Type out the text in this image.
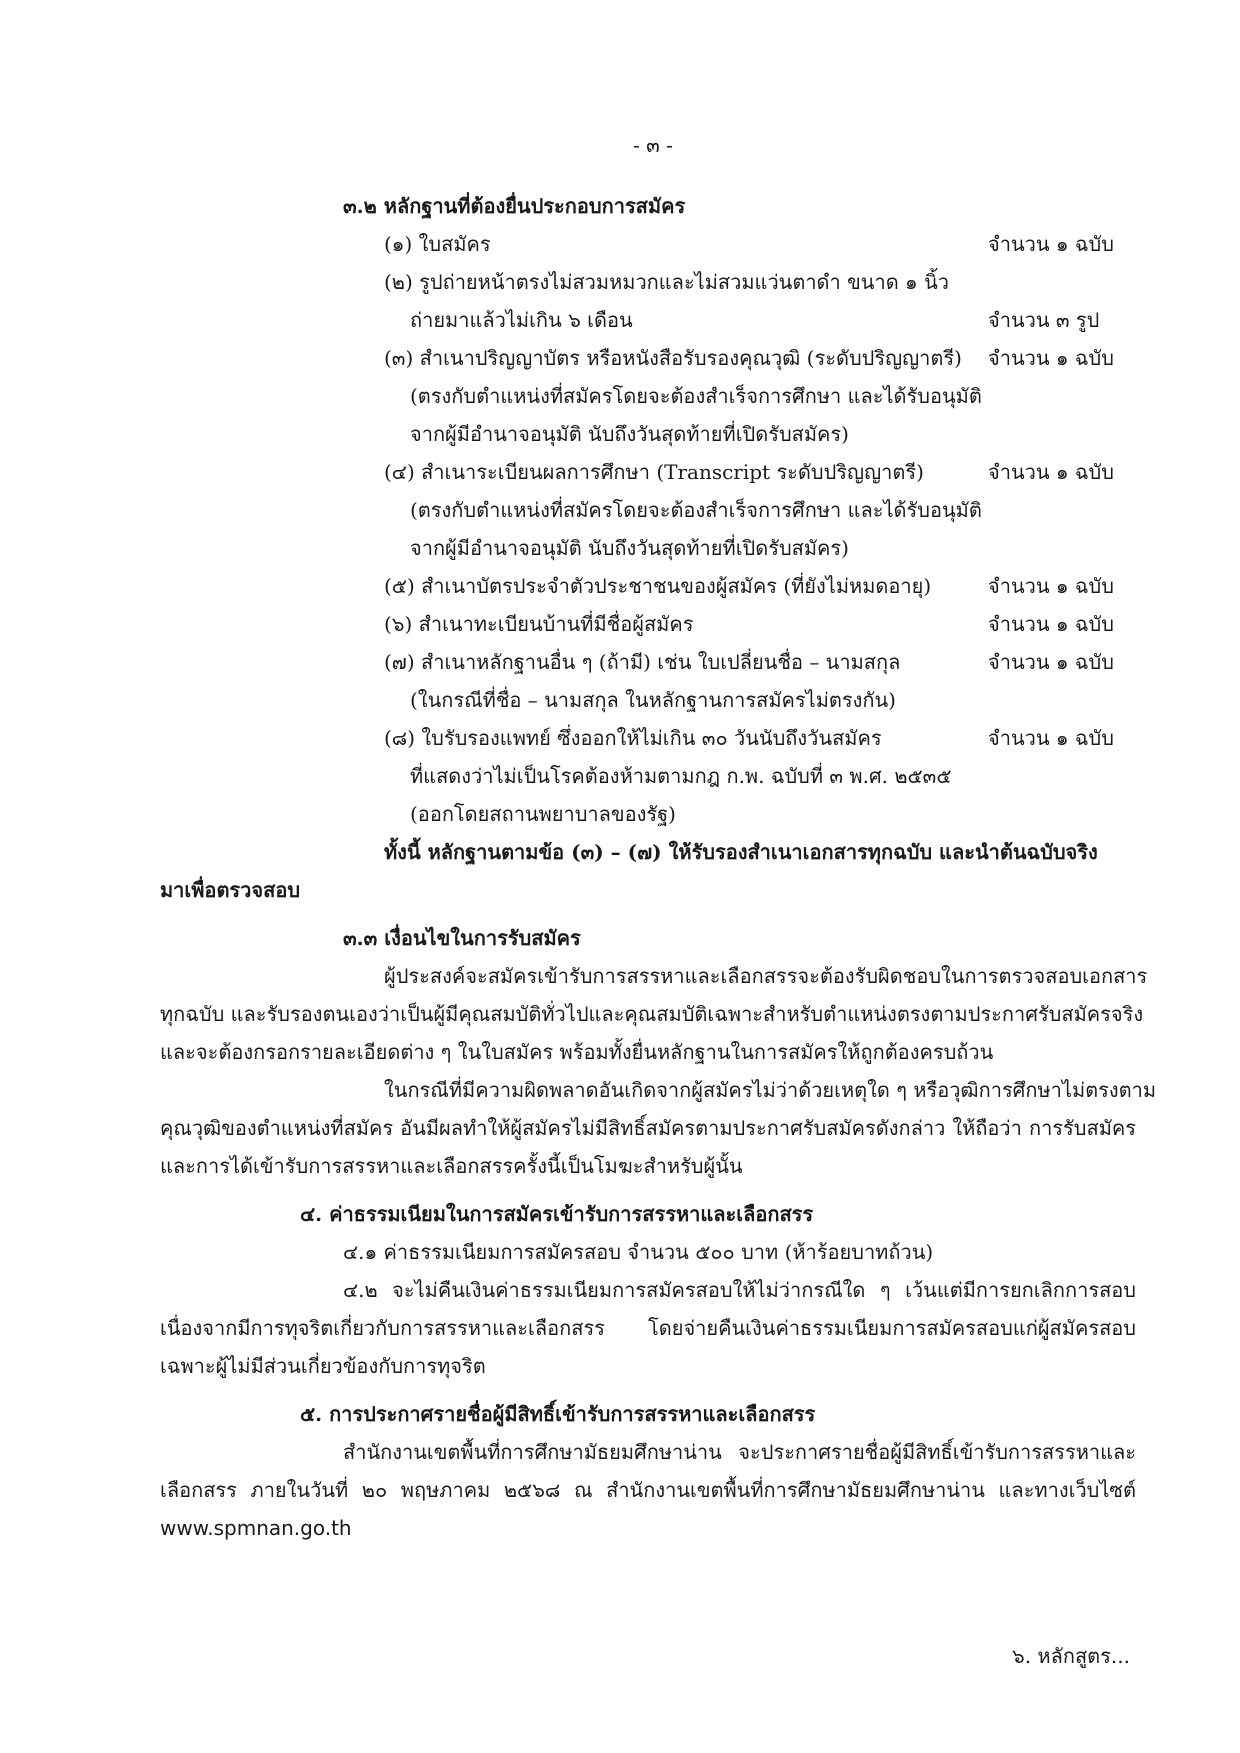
- ๓ -
๓.๒ หลักฐานที่ต้องยื่นประกอบการสมัคร
(๑) ใบสมัคร	จำนวน ๑ ฉบับ
(๒) รูปถ่ายหน้าตรงไม่สวมหมวกและไม่สวมแว่นตาดำ ขนาด ๑ นิ้ว
ถ่ายมาแล้วไม่เกิน ๖ เดือน	จำนวน ๓ รูป
(๓) สำเนาปริญญาบัตร หรือหนังสือรับรองคุณวุฒิ (ระดับปริญญาตรี) จำนวน ๑ ฉบับ
(ตรงกับตำแหน่งที่สมัครโดยจะต้องสำเร็จการศึกษา และได้รับอนุมัติ
จากผู้มีอำนาจอนุมัติ นับถึงวันสุดท้ายที่เปิดรับสมัคร)
(๔) สำเนาระเบียนผลการศึกษา (Transcript ระดับปริญญาตรี)	จำนวน ๑ ฉบับ
(ตรงกับตำแหน่งที่สมัครโดยจะต้องสำเร็จการศึกษา และได้รับอนุมัติ
จากผู้มีอำนาจอนุมัติ นับถึงวันสุดท้ายที่เปิดรับสมัคร)
(๕) สำเนาบัตรประจำตัวประชาชนของผู้สมัคร (ที่ยังไม่หมดอายุ)	จำนวน ๑ ฉบับ
(๖) สำเนาทะเบียนบ้านที่มีชื่อผู้สมัคร	จำนวน ๑ ฉบับ
(๗) สำเนาหลักฐานอื่น ๆ (ถ้ามี) เช่น ใบเปลี่ยนชื่อ – นามสกุล	จำนวน ๑ ฉบับ
(ในกรณีที่ชื่อ – นามสกุล ในหลักฐานการสมัครไม่ตรงกัน)
(๘) ใบรับรองแพทย์ ซึ่งออกให้ไม่เกิน ๓๐ วันนับถึงวันสมัคร	จำนวน ๑ ฉบับ
ที่แสดงว่าไม่เป็นโรคต้องห้ามตามกฎ ก.พ. ฉบับที่ ๓ พ.ศ. ๒๕๓๕
(ออกโดยสถานพยาบาลของรัฐ)
ทั้งนี้ หลักฐานตามข้อ (๓) – (๗) ให้รับรองสำเนาเอกสารทุกฉบับ และนำต้นฉบับจริง
มาเพื่อตรวจสอบ
๓.๓ เงื่อนไขในการรับสมัคร
ผู้ประสงค์จะสมัครเข้ารับการสรรหาและเลือกสรรจะต้องรับผิดชอบในการตรวจสอบเอกสาร
ทุกฉบับ และรับรองตนเองว่าเป็นผู้มีคุณสมบัติทั่วไปและคุณสมบัติเฉพาะสำหรับตำแหน่งตรงตามประกาศรับสมัครจริง
และจะต้องกรอกรายละเอียดต่าง ๆ ในใบสมัคร พร้อมทั้งยื่นหลักฐานในการสมัครให้ถูกต้องครบถ้วน
ในกรณีที่มีความผิดพลาดอันเกิดจากผู้สมัครไม่ว่าด้วยเหตุใด ๆ หรือวุฒิการศึกษาไม่ตรงตาม
คุณวุฒิของตำแหน่งที่สมัคร อันมีผลทำให้ผู้สมัครไม่มีสิทธิ์สมัครตามประกาศรับสมัครดังกล่าว ให้ถือว่า การรับสมัคร
และการได้เข้ารับการสรรหาและเลือกสรรครั้งนี้เป็นโมฆะสำหรับผู้นั้น
๔. ค่าธรรมเนียมในการสมัครเข้ารับการสรรหาและเลือกสรร
๔.๑ ค่าธรรมเนียมการสมัครสอบ จำนวน ๕๐๐ บาท (ห้าร้อยบาทถ้วน)
๔.๒ จะไม่คืนเงินค่าธรรมเนียมการสมัครสอบให้ไม่ว่ากรณีใด ๆ เว้นแต่มีการยกเลิกการสอบ
เนื่องจากมีการทุจริตเกี่ยวกับการสรรหาและเลือกสรร โดยจ่ายคืนเงินค่าธรรมเนียมการสมัครสอบแก่ผู้สมัครสอบ
เฉพาะผู้ไม่มีส่วนเกี่ยวข้องกับการทุจริต
๕. การประกาศรายชื่อผู้มีสิทธิ์เข้ารับการสรรหาและเลือกสรร
สำนักงานเขตพื้นที่การศึกษามัธยมศึกษาน่าน จะประกาศรายชื่อผู้มีสิทธิ์เข้ารับการสรรหาและ
เลือกสรร ภายในวันที่ ๒๐ พฤษภาคม ๒๕๖๘ ณ สำนักงานเขตพื้นที่การศึกษามัธยมศึกษาน่าน และทางเว็บไซต์
www.spmnan.go.th
๖. หลักสูตร...
